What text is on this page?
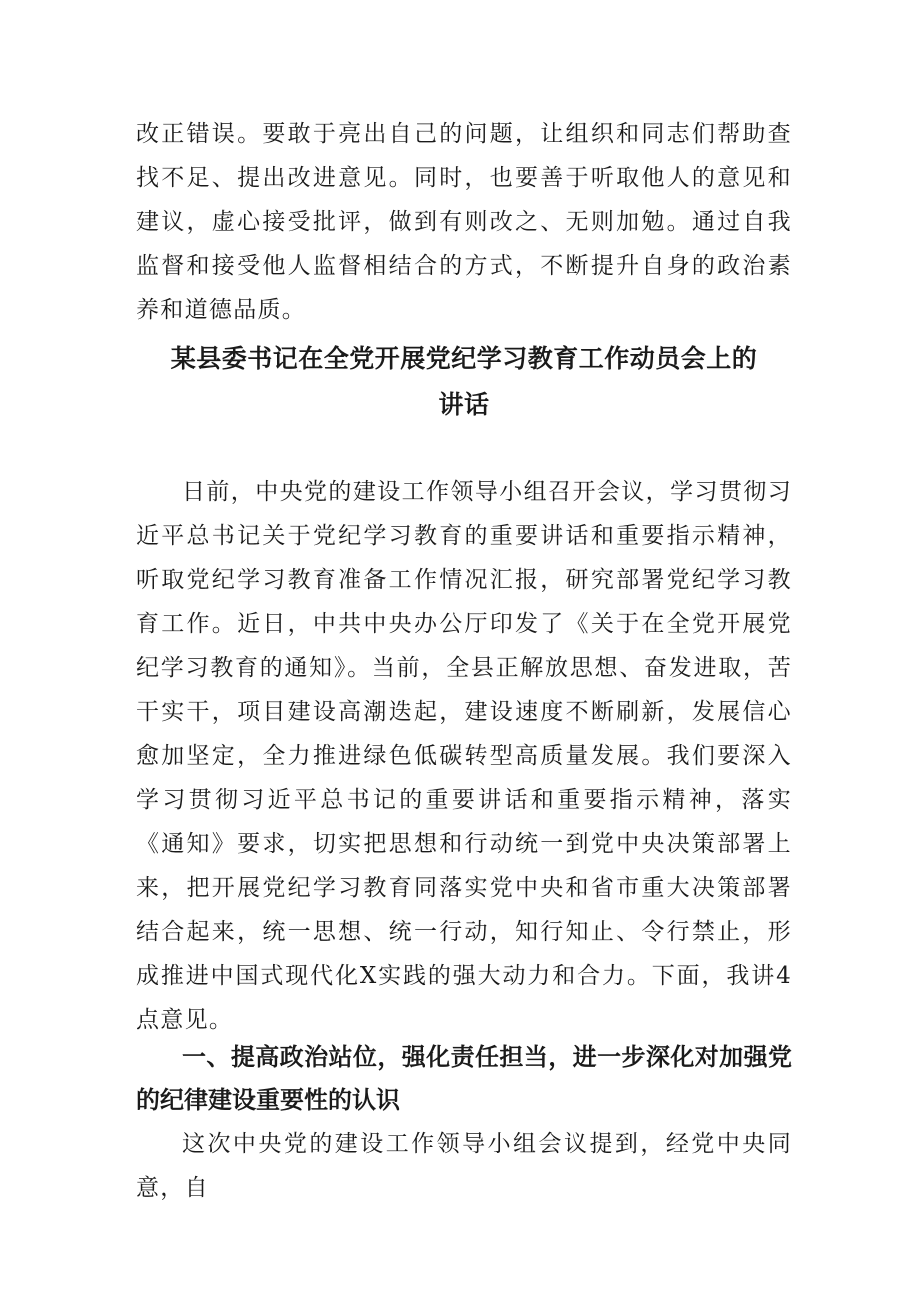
改正错误。要敢于亮出自己的问题，让组织和同志们帮助查找不足、提出改进意见。同时，也要善于听取他人的意见和建议，虚心接受批评，做到有则改之、无则加勉。通过自我监督和接受他人监督相结合的方式，不断提升自身的政治素养和道德品质。

某县委书记在全党开展党纪学习教育工作动员会上的
讲话

日前，中央党的建设工作领导小组召开会议，学习贯彻习近平总书记关于党纪学习教育的重要讲话和重要指示精神，听取党纪学习教育准备工作情况汇报，研究部署党纪学习教育工作。近日，中共中央办公厅印发了《关于在全党开展党纪学习教育的通知》。当前，全县正解放思想、奋发进取，苦干实干，项目建设高潮迭起，建设速度不断刷新，发展信心愈加坚定，全力推进绿色低碳转型高质量发展。我们要深入学习贯彻习近平总书记的重要讲话和重要指示精神，落实《通知》要求，切实把思想和行动统一到党中央决策部署上来，把开展党纪学习教育同落实党中央和省市重大决策部署结合起来，统一思想、统一行动，知行知止、令行禁止，形成推进中国式现代化X实践的强大动力和合力。下面，我讲4点意见。

一、提高政治站位，强化责任担当，进一步深化对加强党的纪律建设重要性的认识

这次中央党的建设工作领导小组会议提到，经党中央同意，自
